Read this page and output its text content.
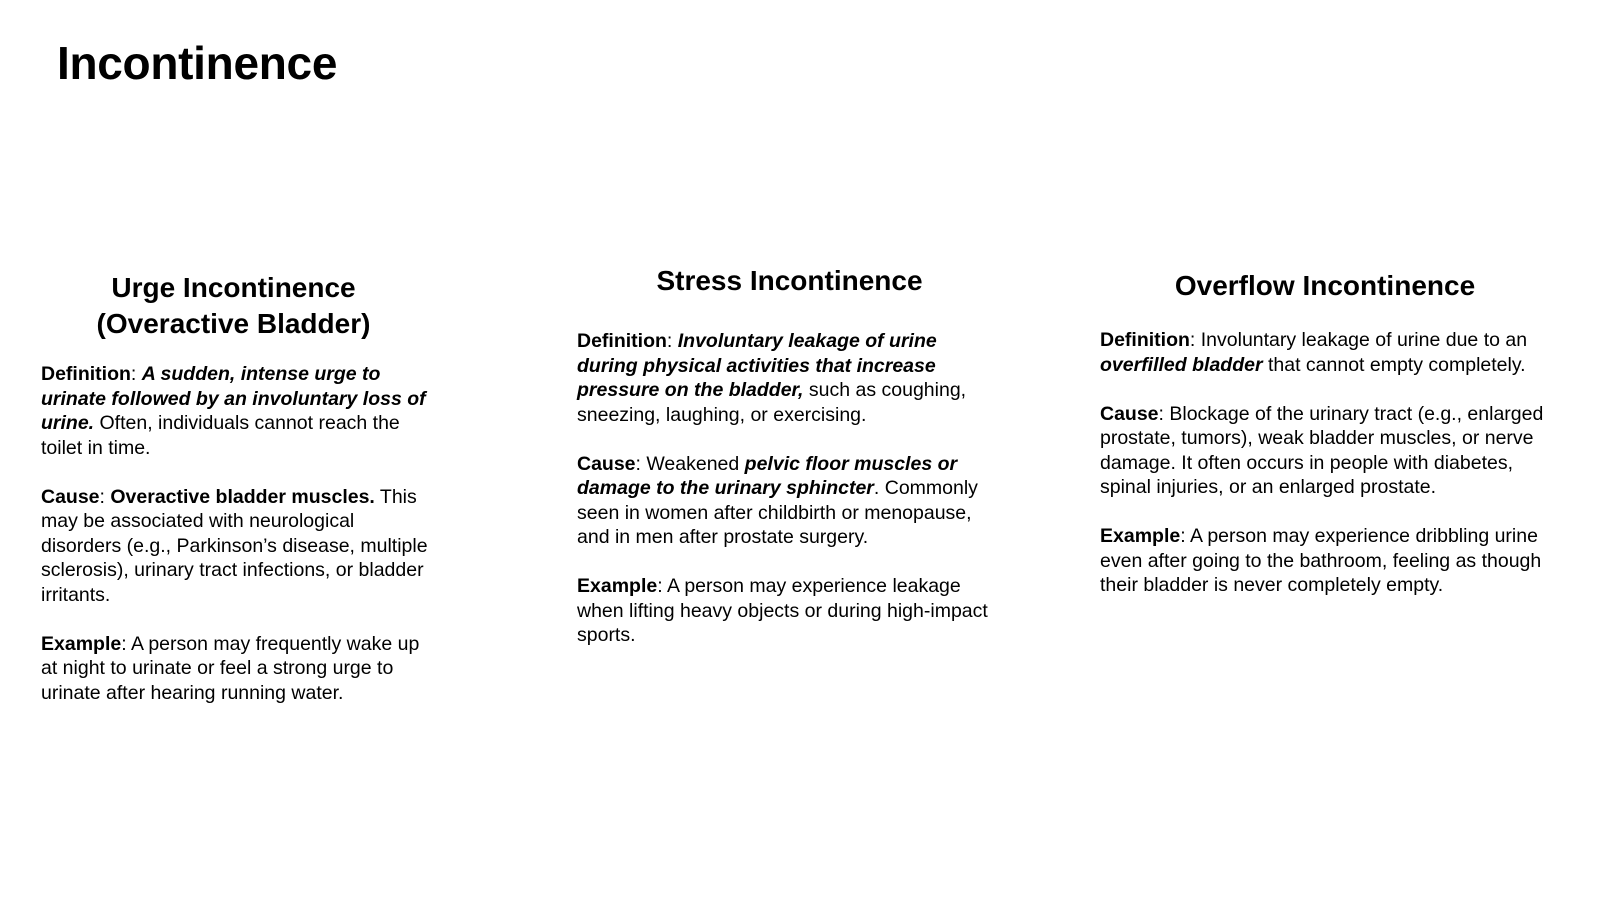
Incontinence
Urge Incontinence
(Overactive Bladder)

Definition: A sudden, intense urge to urinate followed by an involuntary loss of urine. Often, individuals cannot reach the toilet in time.

Cause: Overactive bladder muscles. This may be associated with neurological disorders (e.g., Parkinson’s disease, multiple sclerosis), urinary tract infections, or bladder irritants.

Example: A person may frequently wake up at night to urinate or feel a strong urge to urinate after hearing running water.

Stress Incontinence

Definition: Involuntary leakage of urine during physical activities that increase pressure on the bladder, such as coughing, sneezing, laughing, or exercising.

Cause: Weakened pelvic floor muscles or damage to the urinary sphincter. Commonly seen in women after childbirth or menopause, and in men after prostate surgery.

Example: A person may experience leakage when lifting heavy objects or during high-impact sports.

Overflow Incontinence

Definition: Involuntary leakage of urine due to an overfilled bladder that cannot empty completely.

Cause: Blockage of the urinary tract (e.g., enlarged prostate, tumors), weak bladder muscles, or nerve damage. It often occurs in people with diabetes, spinal injuries, or an enlarged prostate.

Example: A person may experience dribbling urine even after going to the bathroom, feeling as though their bladder is never completely empty.
